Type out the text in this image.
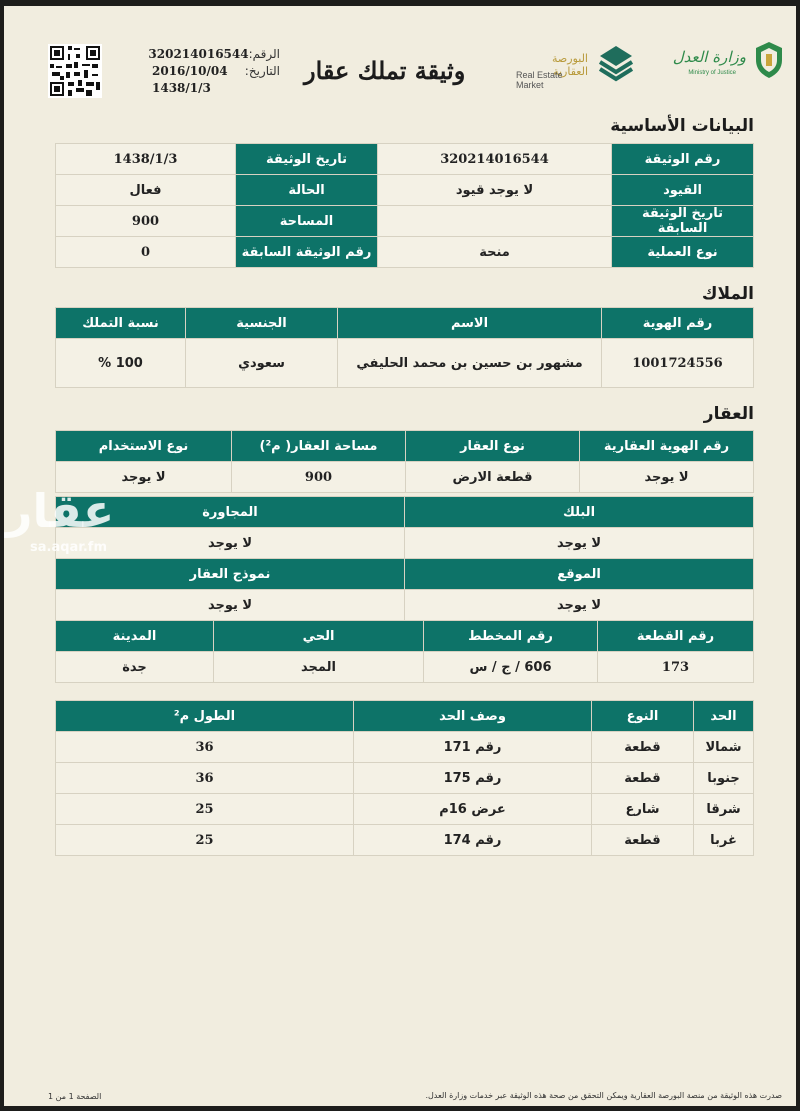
وزارة العدل
Ministry of Justice
البورصة العقارية
Real Estate Market
وثيقة تملك عقار
الرقم:
320214016544
التاريخ:
2016/10/04
1438/1/3
البيانات الأساسية
رقم الوثيقة	320214016544	تاريخ الوثيقة	1438/1/3
القيود	لا يوجد قيود	الحالة	فعال
تاريخ الوثيقة السابقة		المساحة	900
نوع العملية	منحة	رقم الوثيقة السابقة	0
الملاك
رقم الهوية	الاسم	الجنسية	نسبة التملك
1001724556	مشهور بن حسين بن محمد الحليفي	سعودي	100 %
العقار
رقم الهوية العقارية	نوع العقار	مساحة العقار( م²)	نوع الاستخدام
لا يوجد	قطعة الارض	900	لا يوجد
البلك	المجاورة
لا يوجد	لا يوجد
الموقع	نموذج العقار
لا يوجد	لا يوجد
رقم القطعة	رقم المخطط	الحي	المدينة
173	606 / ج / س	المجد	جدة
الحد	النوع	وصف الحد	الطول م²
شمالا	قطعة	رقم 171	36
جنوبا	قطعة	رقم 175	36
شرقا	شارع	عرض 16م	25
غربا	قطعة	رقم 174	25
الصفحة 1 من 1	صدرت هذه الوثيقة من منصة البورصة العقارية ويمكن التحقق من صحة هذه الوثيقة عبر خدمات وزارة العدل.
عقار
sa.aqar.fm
